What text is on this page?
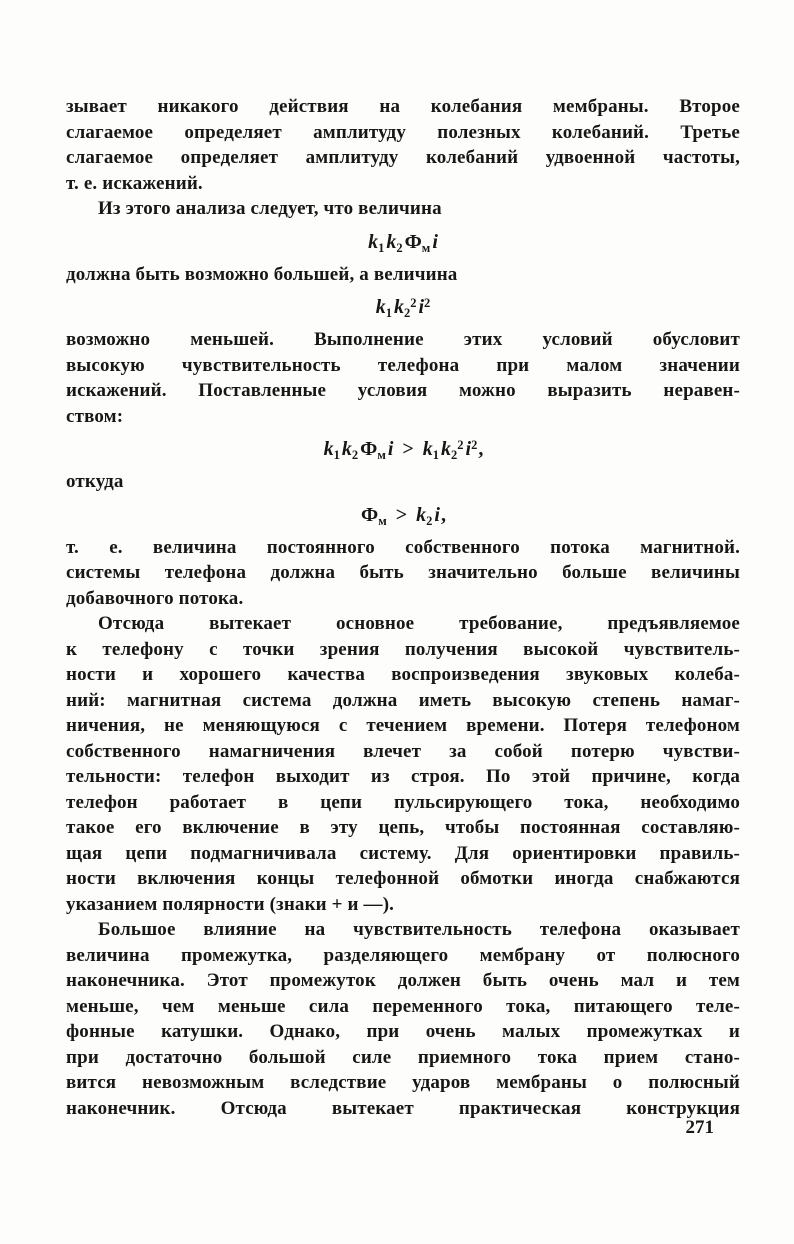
зывает никакого действия на колебания мембраны. Второе
слагаемое определяет амплитуду полезных колебаний. Третье
слагаемое определяет амплитуду колебаний удвоенной частоты,
т. е. искажений.
Из этого анализа следует, что величина
$k_1$ $k_2$ $Ф_м$ i
должна быть возможно большей, а величина
$k_1$ $k_2^2$ $i^2$
возможно меньшей. Выполнение этих условий обусловит
высокую чувствительность телефона при малом значении
искажений. Поставленные условия можно выразить неравен-
ством:
$k_1$ $k_2$ $Ф_м$ $i > k_1$ $k_2^2$ $i^2$ ,
откуда
$Ф_м > k_2$ i ,
т. е. величина постоянного собственного потока магнитной.
системы телефона должна быть значительно больше величины
добавочного потока.
Отсюда вытекает основное требование, предъявляемое
к телефону с точки зрения получения высокой чувствитель-
ности и хорошего качества воспроизведения звуковых колеба-
ний: магнитная система должна иметь высокую степень намаг-
ничения, не меняющуюся с течением времени. Потеря телефоном
собственного намагничения влечет за собой потерю чувстви-
тельности: телефон выходит из строя. По этой причине, когда
телефон работает в цепи пульсирующего тока, необходимо
такое его включение в эту цепь, чтобы постоянная составляю-
щая цепи подмагничивала систему. Для ориентировки правиль-
ности включения концы телефонной обмотки иногда снабжаются
указанием полярности (знаки + и —).
Большое влияние на чувствительность телефона оказывает
величина промежутка, разделяющего мембрану от полюсного
наконечника. Этот промежуток должен быть очень мал и тем
меньше, чем меньше сила переменного тока, питающего теле-
фонные катушки. Однако, при очень малых промежутках и
при достаточно большой силе приемного тока прием стано-
вится невозможным вследствие ударов мембраны о полюсный
наконечник. Отсюда вытекает практическая конструкция
271
